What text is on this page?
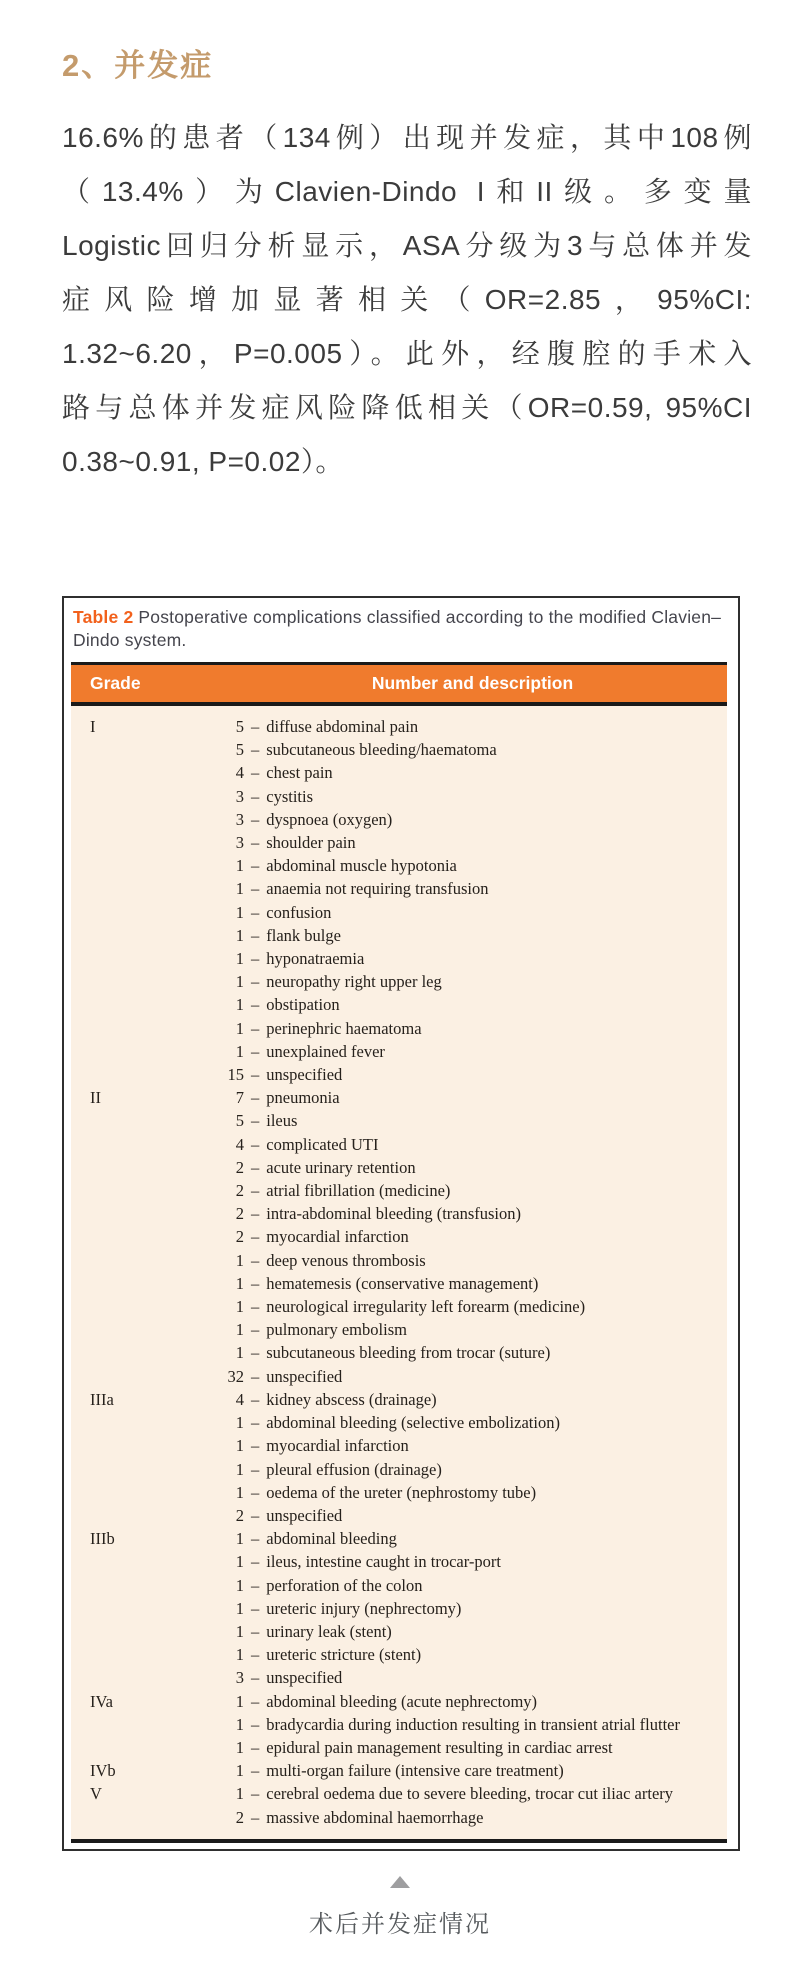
2、并发症
16.6%的患者（134例）出现并发症，其中108例
（13.4%）为Clavien-Dindo I和II级。多变量
Logistic回归分析显示，ASA分级为3与总体并发
症风险增加显著相关（OR=2.85，95%CI:
1.32~6.20，P=0.005）。此外，经腹腔的手术入
路与总体并发症风险降低相关（OR=0.59, 95%CI
0.38~0.91, P=0.02）。
Table 2 Postoperative complications classified according to the modified Clavien–Dindo system.
Grade	Number and description
I	5 – diffuse abdominal pain
5 – subcutaneous bleeding/haematoma
4 – chest pain
3 – cystitis
3 – dyspnoea (oxygen)
3 – shoulder pain
1 – abdominal muscle hypotonia
1 – anaemia not requiring transfusion
1 – confusion
1 – flank bulge
1 – hyponatraemia
1 – neuropathy right upper leg
1 – obstipation
1 – perinephric haematoma
1 – unexplained fever
15 – unspecified
II	7 – pneumonia
5 – ileus
4 – complicated UTI
2 – acute urinary retention
2 – atrial fibrillation (medicine)
2 – intra-abdominal bleeding (transfusion)
2 – myocardial infarction
1 – deep venous thrombosis
1 – hematemesis (conservative management)
1 – neurological irregularity left forearm (medicine)
1 – pulmonary embolism
1 – subcutaneous bleeding from trocar (suture)
32 – unspecified
IIIa	4 – kidney abscess (drainage)
1 – abdominal bleeding (selective embolization)
1 – myocardial infarction
1 – pleural effusion (drainage)
1 – oedema of the ureter (nephrostomy tube)
2 – unspecified
IIIb	1 – abdominal bleeding
1 – ileus, intestine caught in trocar-port
1 – perforation of the colon
1 – ureteric injury (nephrectomy)
1 – urinary leak (stent)
1 – ureteric stricture (stent)
3 – unspecified
IVa	1 – abdominal bleeding (acute nephrectomy)
1 – bradycardia during induction resulting in transient atrial flutter
1 – epidural pain management resulting in cardiac arrest
IVb	1 – multi-organ failure (intensive care treatment)
V	1 – cerebral oedema due to severe bleeding, trocar cut iliac artery
2 – massive abdominal haemorrhage
术后并发症情况
